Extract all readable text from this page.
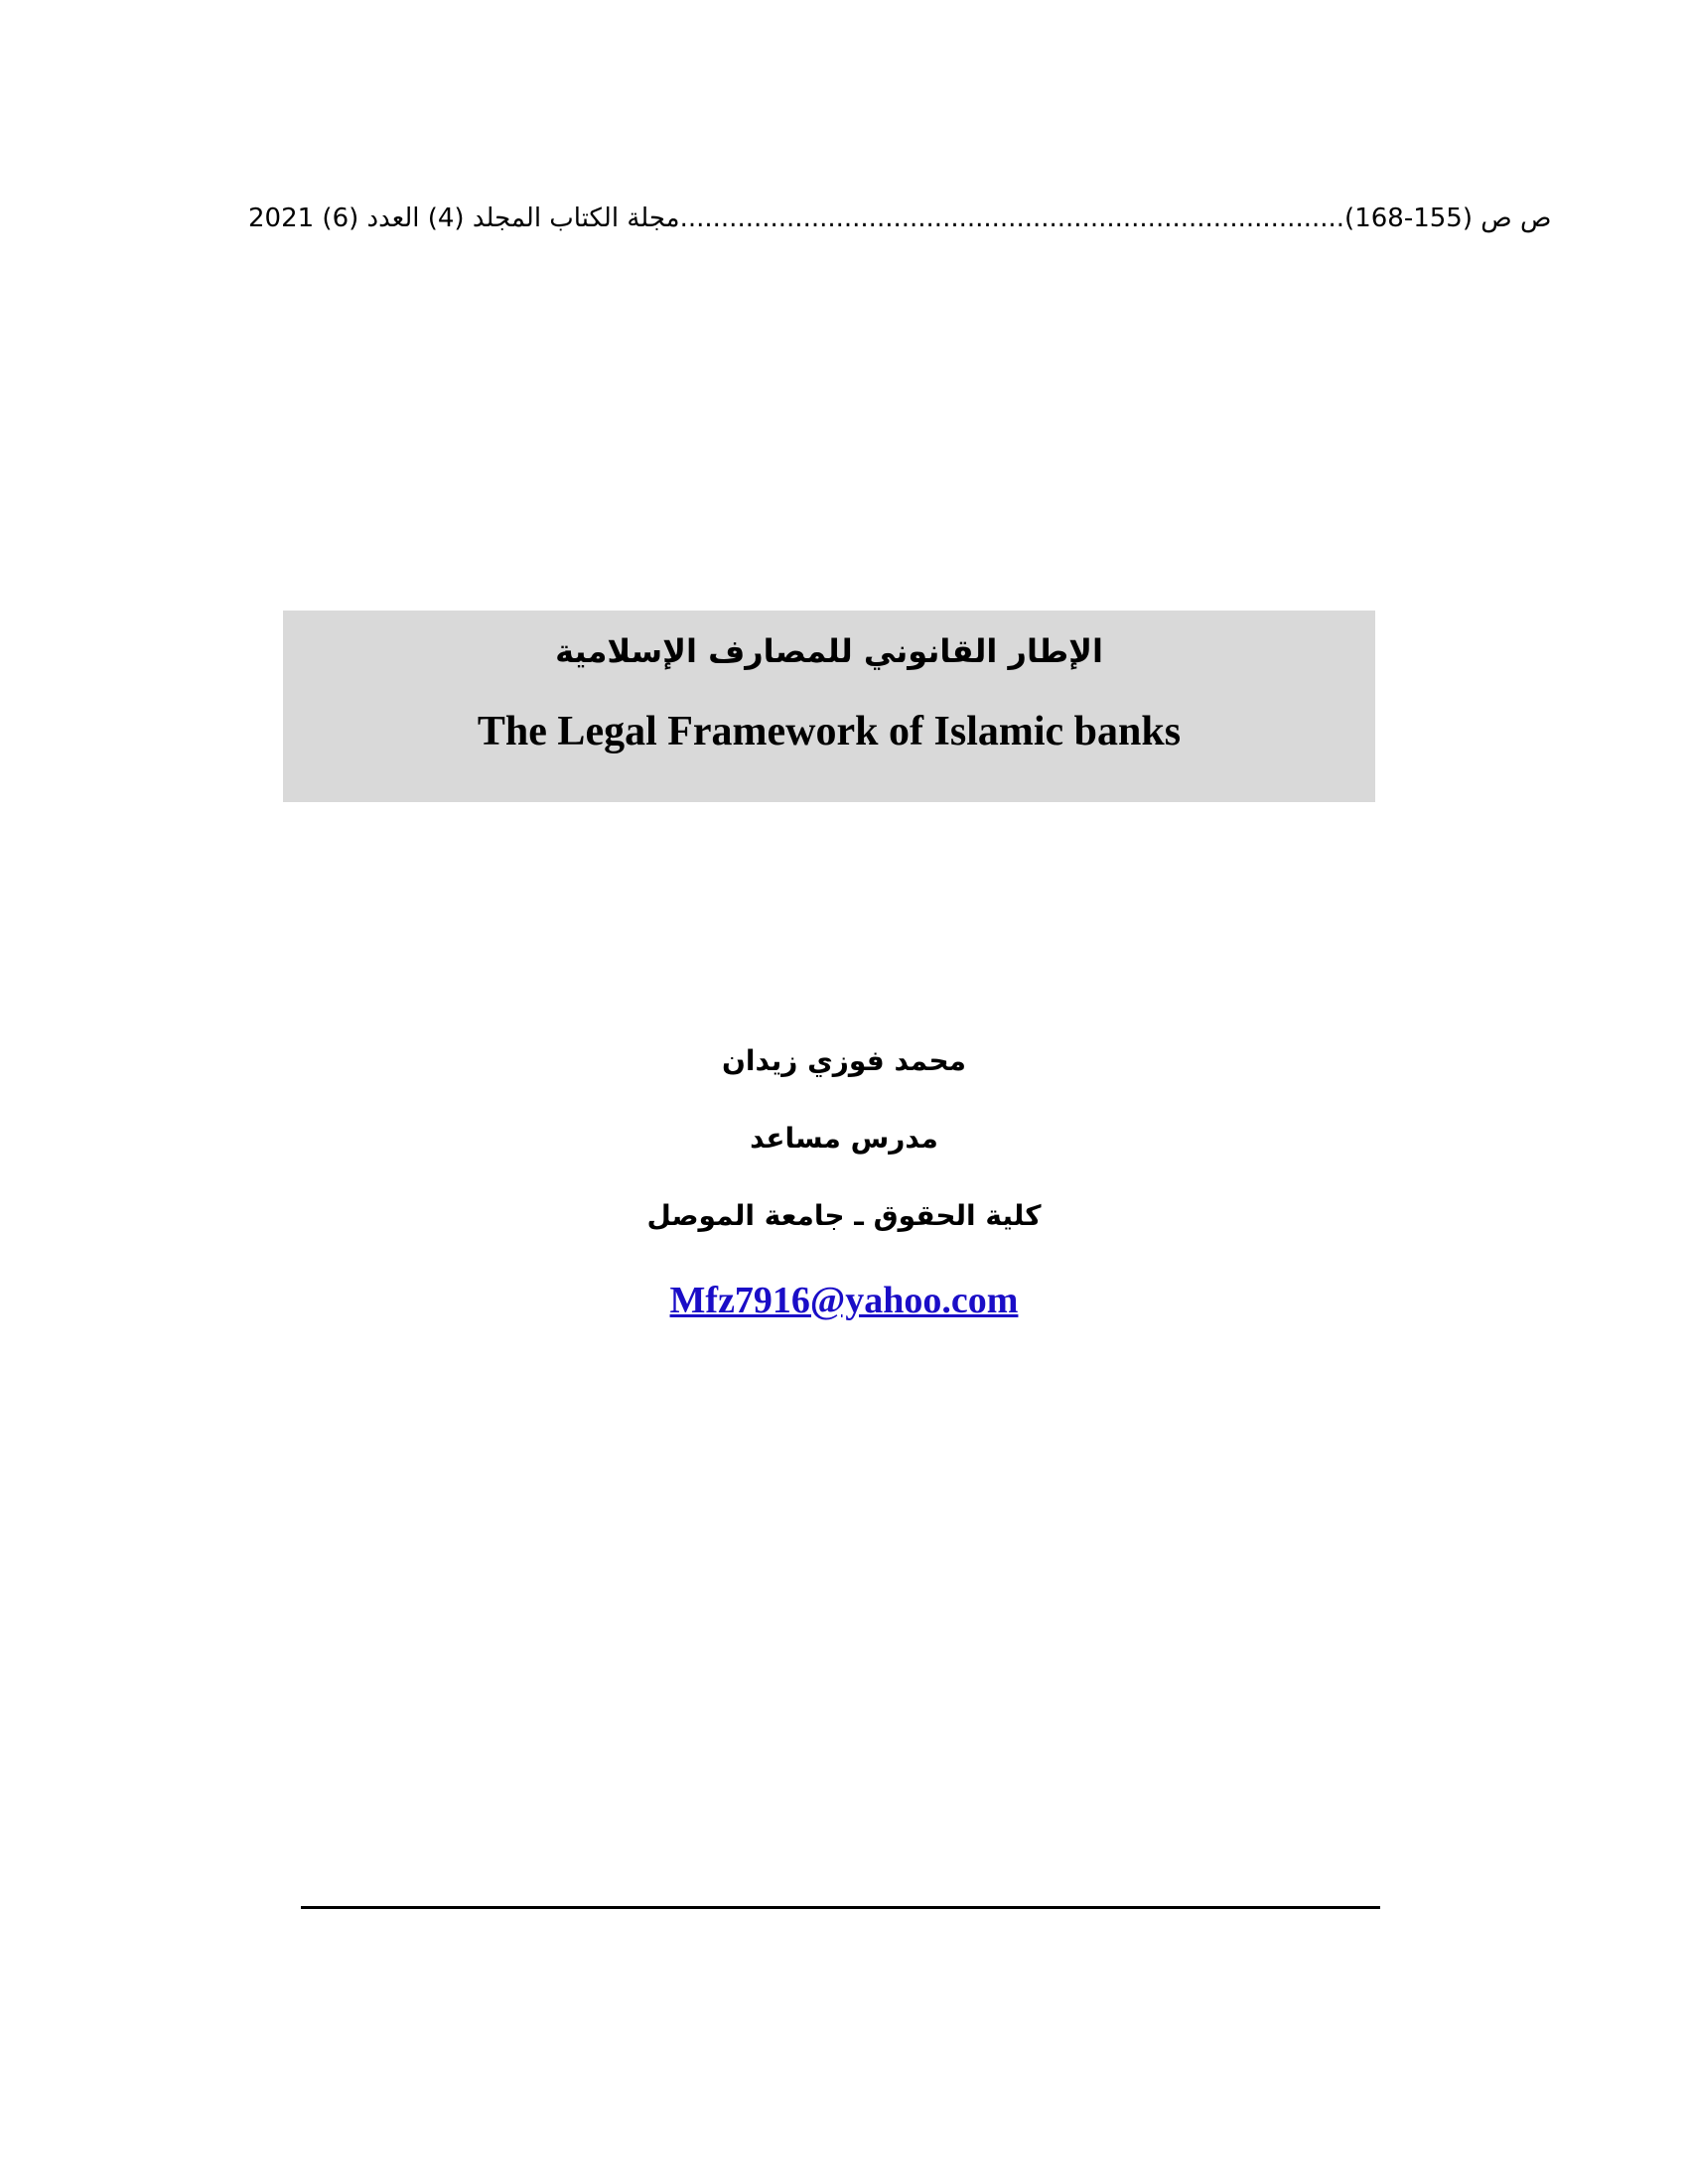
مجلة الكتاب المجلد (4) العدد (6) 2021 ص ص (155-168).................................................................................
الإطار القانوني للمصارف الإسلامية
The Legal Framework of Islamic banks
محمد فوزي زيدان
مدرس مساعد
كلية الحقوق ـ جامعة الموصل
Mfz7916@yahoo.com
